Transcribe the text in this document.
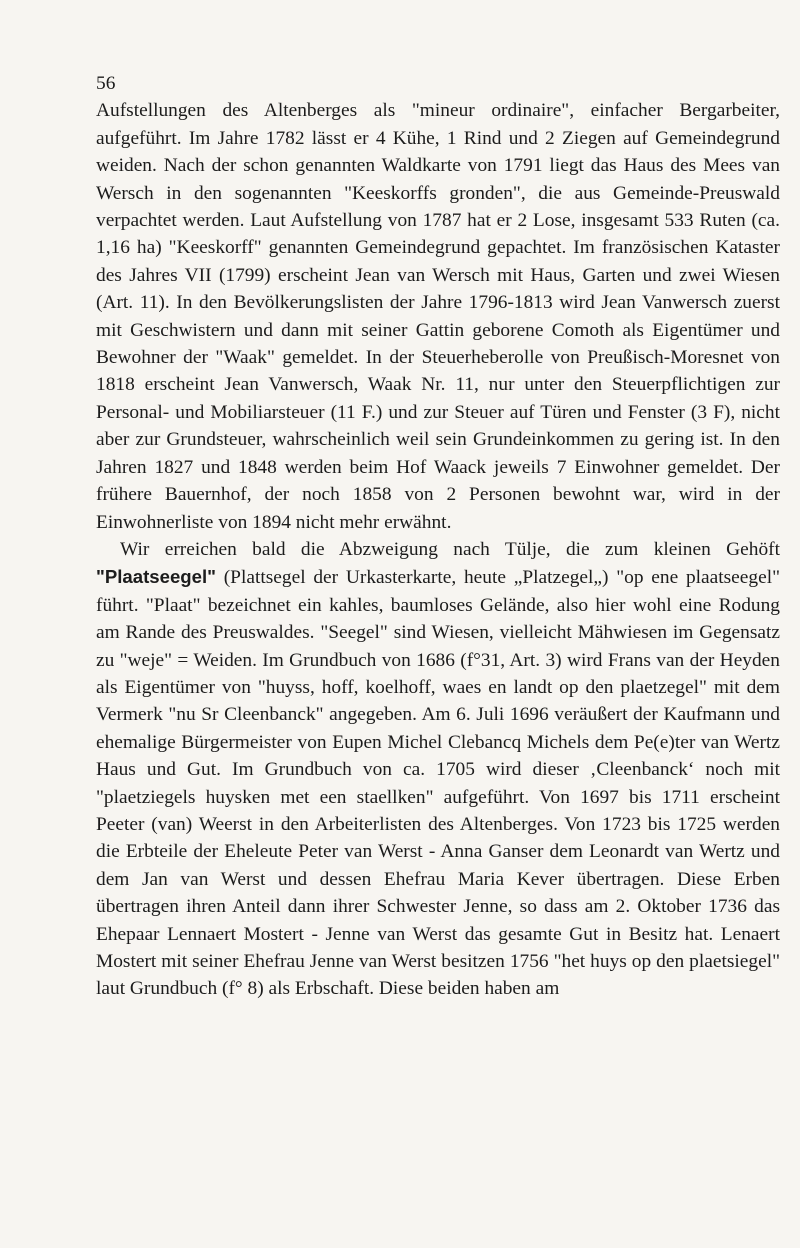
56

Aufstellungen des Altenberges als "mineur ordinaire", einfacher Bergarbeiter, aufgeführt. Im Jahre 1782 lässt er 4 Kühe, 1 Rind und 2 Ziegen auf Gemeindegrund weiden. Nach der schon genannten Waldkarte von 1791 liegt das Haus des Mees van Wersch in den sogenannten "Keeskorffs gronden", die aus Gemeinde-Preuswald verpachtet werden. Laut Aufstellung von 1787 hat er 2 Lose, insgesamt 533 Ruten (ca. 1,16 ha) "Keeskorff" genannten Gemeindegrund gepachtet. Im französischen Kataster des Jahres VII (1799) erscheint Jean van Wersch mit Haus, Garten und zwei Wiesen (Art. 11). In den Bevölkerungslisten der Jahre 1796-1813 wird Jean Vanwersch zuerst mit Geschwistern und dann mit seiner Gattin geborene Comoth als Eigentümer und Bewohner der "Waak" gemeldet. In der Steuerheberolle von Preußisch-Moresnet von 1818 erscheint Jean Vanwersch, Waak Nr. 11, nur unter den Steuerpflichtigen zur Personal- und Mobiliarsteuer (11 F.) und zur Steuer auf Türen und Fenster (3 F), nicht aber zur Grundsteuer, wahrscheinlich weil sein Grundeinkommen zu gering ist. In den Jahren 1827 und 1848 werden beim Hof Waack jeweils 7 Einwohner gemeldet. Der frühere Bauernhof, der noch 1858 von 2 Personen bewohnt war, wird in der Einwohnerliste von 1894 nicht mehr erwähnt.

Wir erreichen bald die Abzweigung nach Tülje, die zum kleinen Gehöft "Plaatseegel" (Plattsegel der Urkasterkarte, heute „Platzegel„) "op ene plaatseegel" führt. "Plaat" bezeichnet ein kahles, baumloses Gelände, also hier wohl eine Rodung am Rande des Preuswaldes. "Seegel" sind Wiesen, vielleicht Mähwiesen im Gegensatz zu "weje" = Weiden. Im Grundbuch von 1686 (f°31, Art. 3) wird Frans van der Heyden als Eigentümer von "huyss, hoff, koelhoff, waes en landt op den plaetzegel" mit dem Vermerk "nu Sr Cleenbanck" angegeben. Am 6. Juli 1696 veräußert der Kaufmann und ehemalige Bürgermeister von Eupen Michel Clebancq Michels dem Pe(e)ter van Wertz Haus und Gut. Im Grundbuch von ca. 1705 wird dieser ‚Cleenbanck‘ noch mit "plaetziegels huysken met een staellken" aufgeführt. Von 1697 bis 1711 erscheint Peeter (van) Weerst in den Arbeiterlisten des Altenberges. Von 1723 bis 1725 werden die Erbteile der Eheleute Peter van Werst - Anna Ganser dem Leonardt van Wertz und dem Jan van Werst und dessen Ehefrau Maria Kever übertragen. Diese Erben übertragen ihren Anteil dann ihrer Schwester Jenne, so dass am 2. Oktober 1736 das Ehepaar Lennaert Mostert - Jenne van Werst das gesamte Gut in Besitz hat. Lenaert Mostert mit seiner Ehefrau Jenne van Werst besitzen 1756 "het huys op den plaetsiegel" laut Grundbuch (f° 8) als Erbschaft. Diese beiden haben am
